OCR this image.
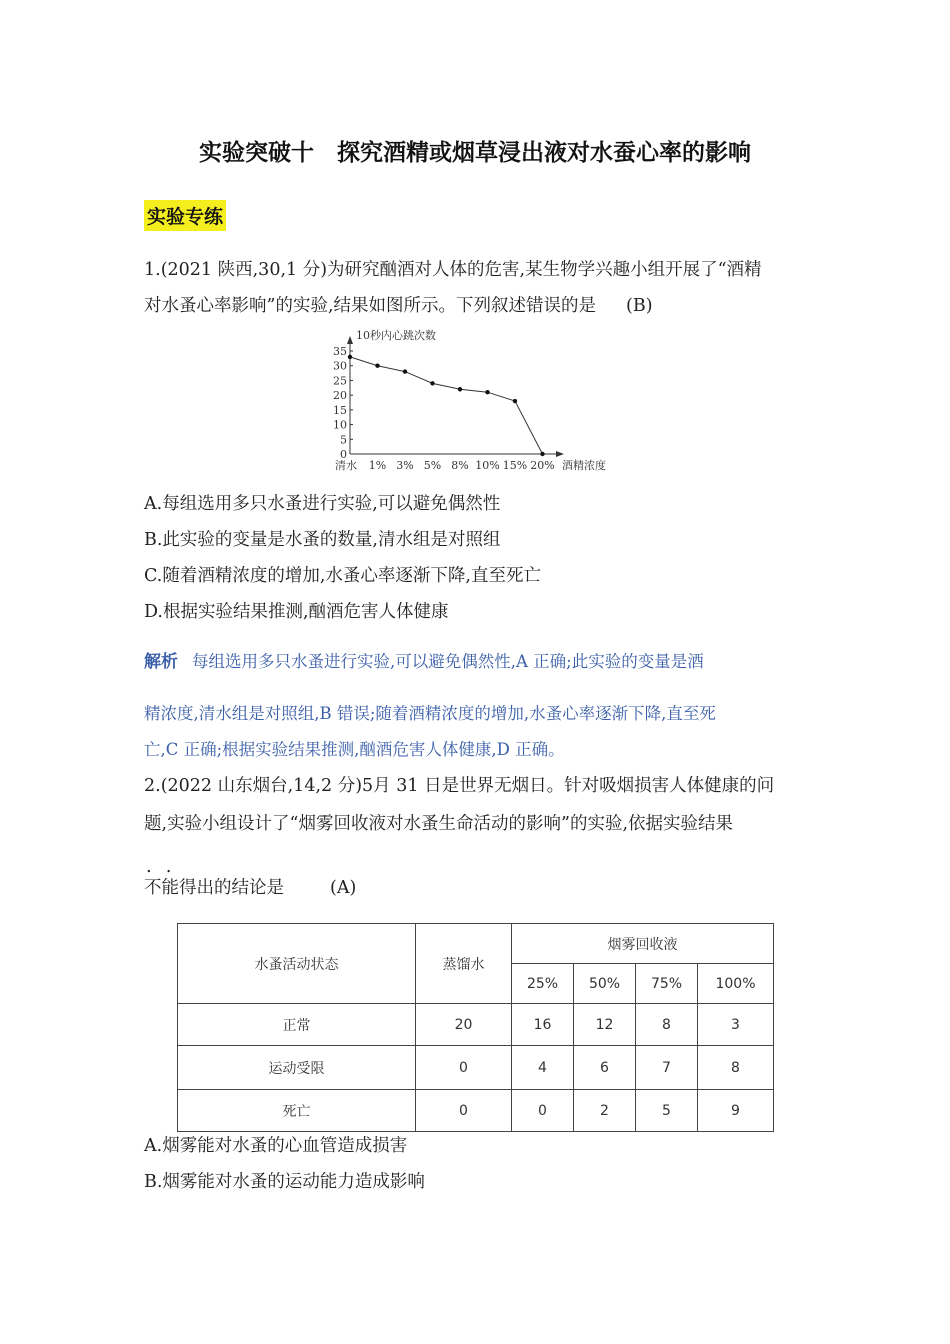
实验突破十　探究酒精或烟草浸出液对水蚕心率的影响
实验专练
1.(2021 陕西,30,1 分)为研究酗酒对人体的危害,某生物学兴趣小组开展了“酒精
对水蚤心率影响”的实验,结果如图所示。下列叙述错误的是 (B)
10秒内心跳次数
0
5
10
15
20
25
30
35
清水 1% 3% 5% 8% 10% 15% 20% 酒精浓度
A.每组选用多只水蚤进行实验,可以避免偶然性
B.此实验的变量是水蚤的数量,清水组是对照组
C.随着酒精浓度的增加,水蚤心率逐渐下降,直至死亡
D.根据实验结果推测,酗酒危害人体健康
解析 每组选用多只水蚤进行实验,可以避免偶然性,A 正确;此实验的变量是酒
精浓度,清水组是对照组,B 错误;随着酒精浓度的增加,水蚤心率逐渐下降,直至死
亡,C 正确;根据实验结果推测,酗酒危害人体健康,D 正确。
2.(2022 山东烟台,14,2 分)5月 31 日是世界无烟日。针对吸烟损害人体健康的问
题,实验小组设计了“烟雾回收液对水蚤生命活动的影响”的实验,依据实验结果
..
不能得出的结论是	(A)
水蚤活动状态	蒸馏水	烟雾回收液			
		25%	50%	75%	100%
正常	20	16	12	8	3
运动受限	0	4	6	7	8
死亡	0	0	2	5	9
A.烟雾能对水蚤的心血管造成损害
B.烟雾能对水蚤的运动能力造成影响
